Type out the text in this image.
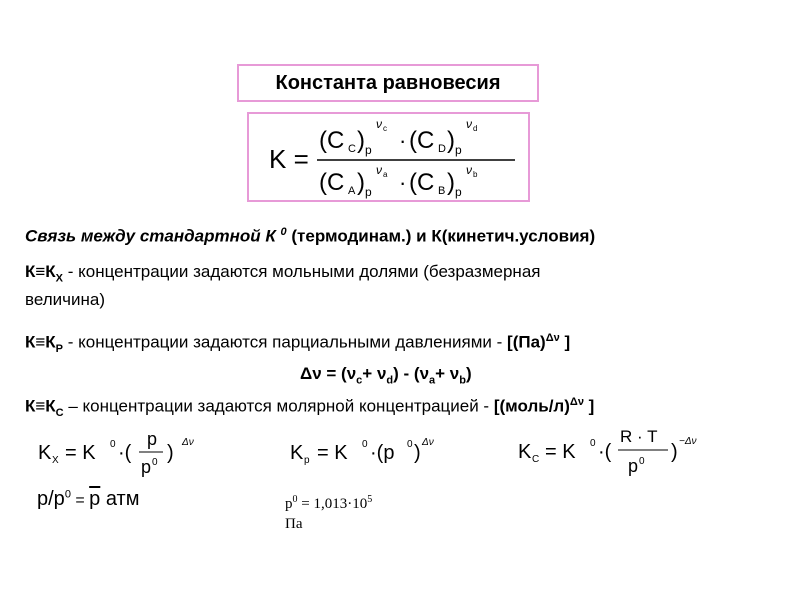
Константа равновесия
K =
(C C ) p
ν c · (C D ) p
ν d
(C A ) p
ν a · (C B ) p
ν b
Связь между стандартной К $^0$ (термодинам.) и К(кинетич.условия)
$К\equiv К_X$ - концентрации задаются мольными долями (безразмерная
величина)
$К\equiv К_P$ - концентрации задаются парциальными давлениями - [(Па)$^{\Delta\nu}$ ]
$\Delta\nu = (\nu_c+ \nu_d) - (\nu_a+ \nu_b)$
$К\equiv К_C$ – концентрации задаются молярной концентрацией - [(моль/л)$^{\Delta\nu}$ ]
K X = K 0 ·(
p
p 0 ) Δν	K p = K 0 ·(p 0 ) Δν	K C = K 0 ·(
R · T
p 0 ) −Δν
$p/p^0 = \overline{p}$ атм	$p^0 = 1,013\cdot 10^5$
Па
